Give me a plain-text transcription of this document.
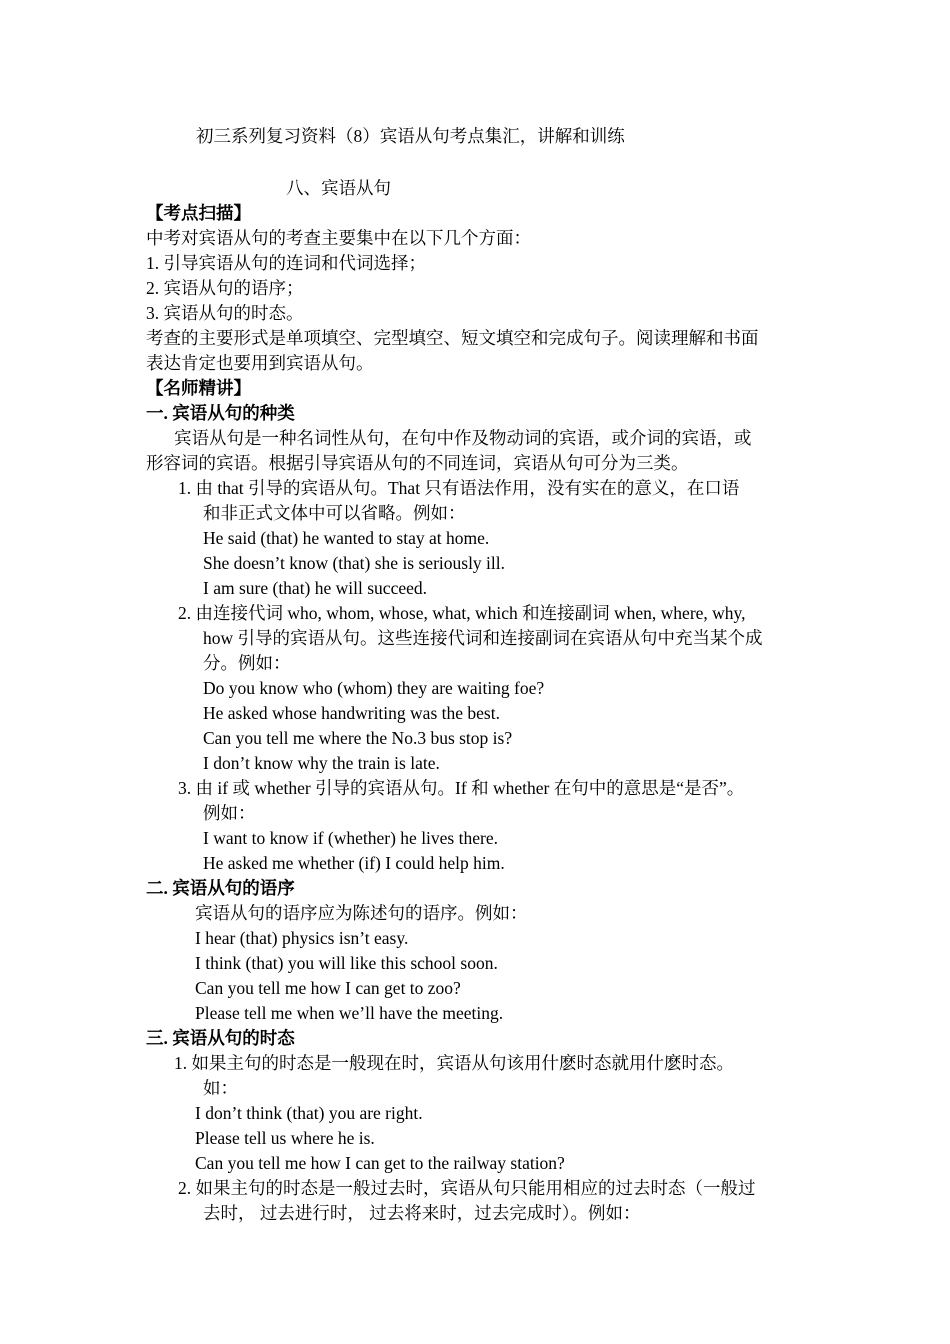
初三系列复习资料（8）宾语从句考点集汇，讲解和训练
八、宾语从句
【考点扫描】
中考对宾语从句的考查主要集中在以下几个方面：
1. 引导宾语从句的连词和代词选择；
2. 宾语从句的语序；
3. 宾语从句的时态。
考查的主要形式是单项填空、完型填空、短文填空和完成句子。阅读理解和书面
表达肯定也要用到宾语从句。
【名师精讲】
一. 宾语从句的种类
宾语从句是一种名词性从句，在句中作及物动词的宾语，或介词的宾语，或
形容词的宾语。根据引导宾语从句的不同连词，宾语从句可分为三类。
1. 由 that 引导的宾语从句。That 只有语法作用，没有实在的意义，在口语
和非正式文体中可以省略。例如：
He said (that) he wanted to stay at home.
She doesn’t know (that) she is seriously ill.
I am sure (that) he will succeed.
2. 由连接代词 who, whom, whose, what, which 和连接副词 when, where, why,
how 引导的宾语从句。这些连接代词和连接副词在宾语从句中充当某个成
分。例如：
Do you know who (whom) they are waiting foe?
He asked whose handwriting was the best.
Can you tell me where the No.3 bus stop is?
I don’t know why the train is late.
3. 由 if 或 whether 引导的宾语从句。If 和 whether 在句中的意思是“是否”。
例如：
I want to know if (whether) he lives there.
He asked me whether (if) I could help him.
二. 宾语从句的语序
宾语从句的语序应为陈述句的语序。例如：
I hear (that) physics isn’t easy.
I think (that) you will like this school soon.
Can you tell me how I can get to zoo?
Please tell me when we’ll have the meeting.
三. 宾语从句的时态
1. 如果主句的时态是一般现在时，宾语从句该用什麽时态就用什麽时态。
如：
I don’t think (that) you are right.
Please tell us where he is.
Can you tell me how I can get to the railway station?
2. 如果主句的时态是一般过去时，宾语从句只能用相应的过去时态（一般过
去时， 过去进行时， 过去将来时，过去完成时）。例如：
